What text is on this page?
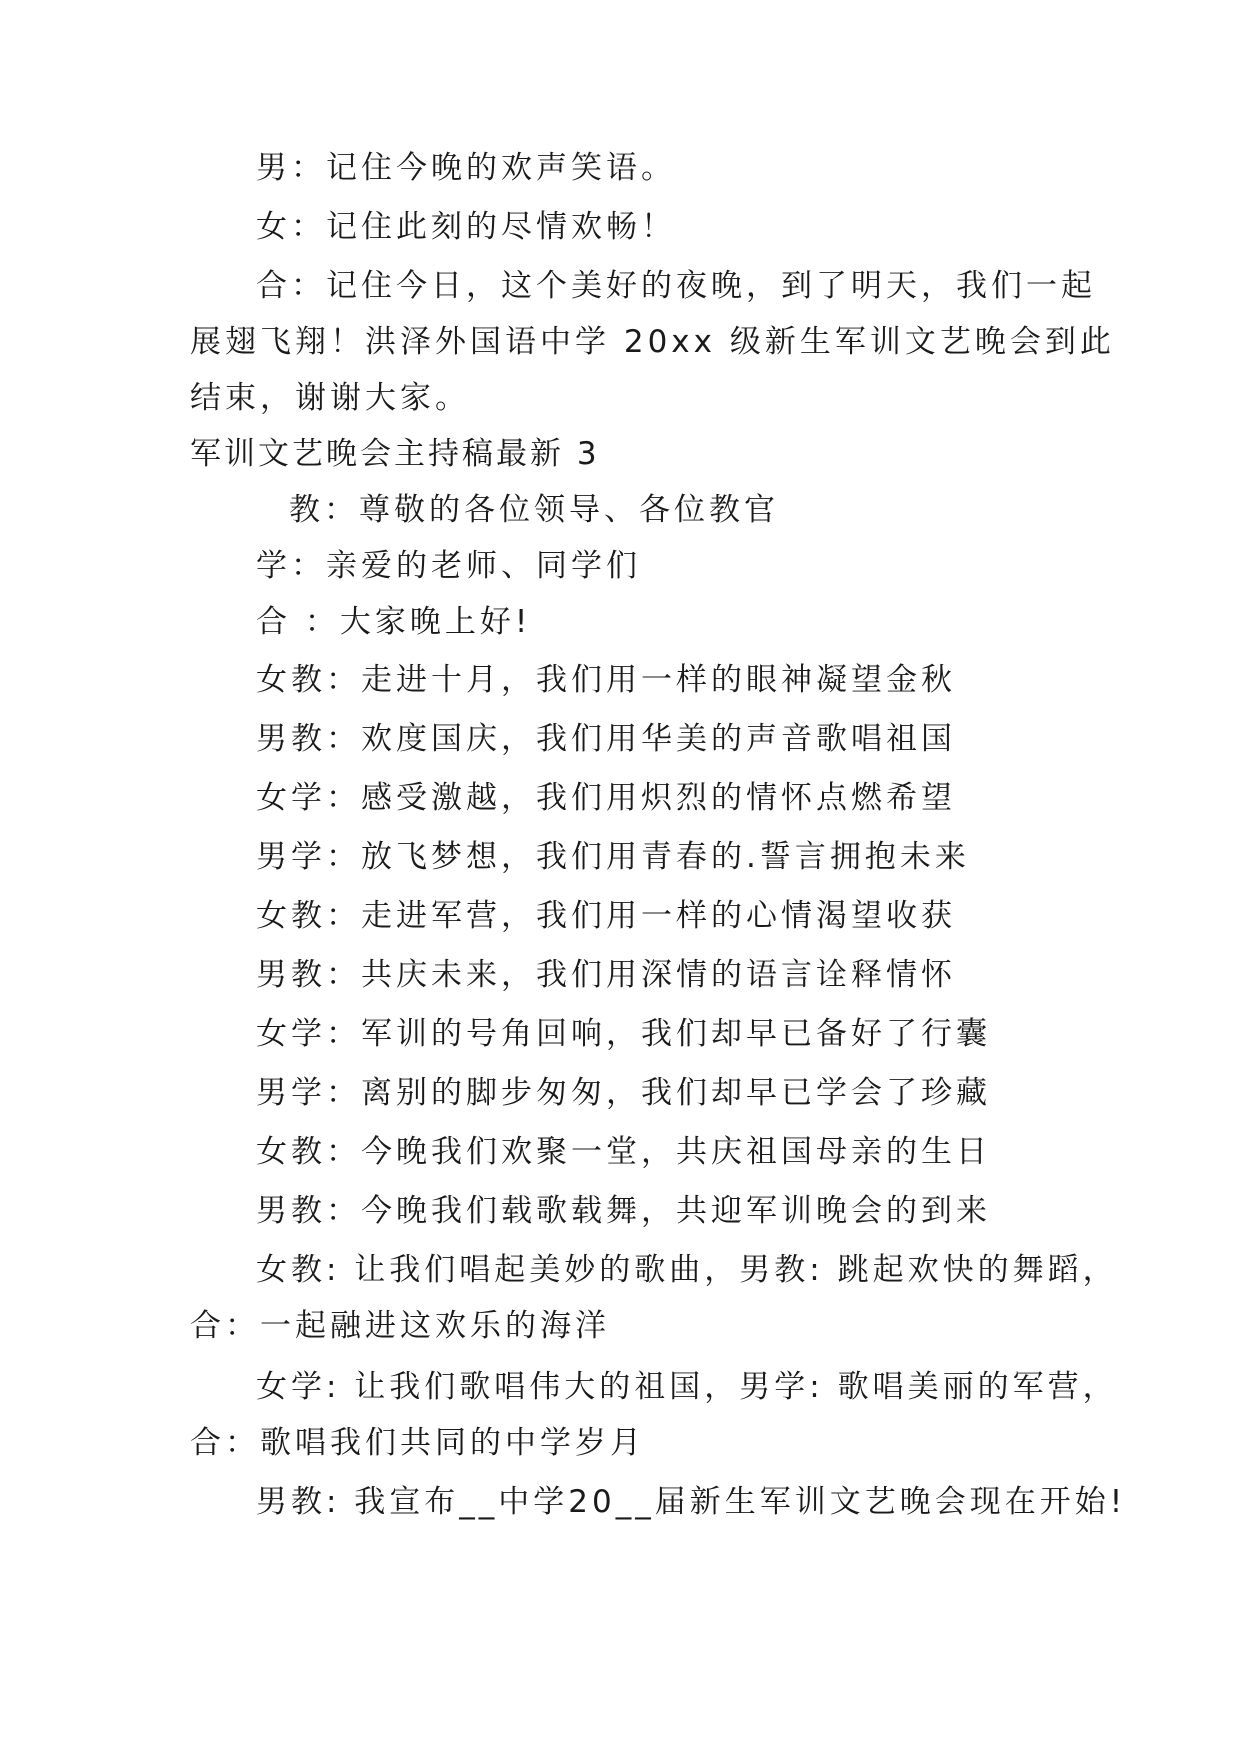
男：记住今晚的欢声笑语。
女：记住此刻的尽情欢畅！
合：记住今日，这个美好的夜晚，到了明天，我们一起
展翅飞翔！洪泽外国语中学 20xx 级新生军训文艺晚会到此
结束，谢谢大家。
军训文艺晚会主持稿最新 3
教：尊敬的各位领导、各位教官
学：亲爱的老师、同学们
合 ：大家晚上好!
女教：走进十月，我们用一样的眼神凝望金秋
男教：欢度国庆，我们用华美的声音歌唱祖国
女学：感受激越，我们用炽烈的情怀点燃希望
男学：放飞梦想，我们用青春的.誓言拥抱未来
女教：走进军营，我们用一样的心情渴望收获
男教：共庆未来，我们用深情的语言诠释情怀
女学：军训的号角回响，我们却早已备好了行囊
男学：离别的脚步匆匆，我们却早已学会了珍藏
女教：今晚我们欢聚一堂，共庆祖国母亲的生日
男教：今晚我们载歌载舞，共迎军训晚会的到来
女教: 让我们唱起美妙的歌曲，男教: 跳起欢快的舞蹈，
合：一起融进这欢乐的海洋
女学: 让我们歌唱伟大的祖国，男学: 歌唱美丽的军营，
合：歌唱我们共同的中学岁月
男教: 我宣布__中学20__届新生军训文艺晚会现在开始!
